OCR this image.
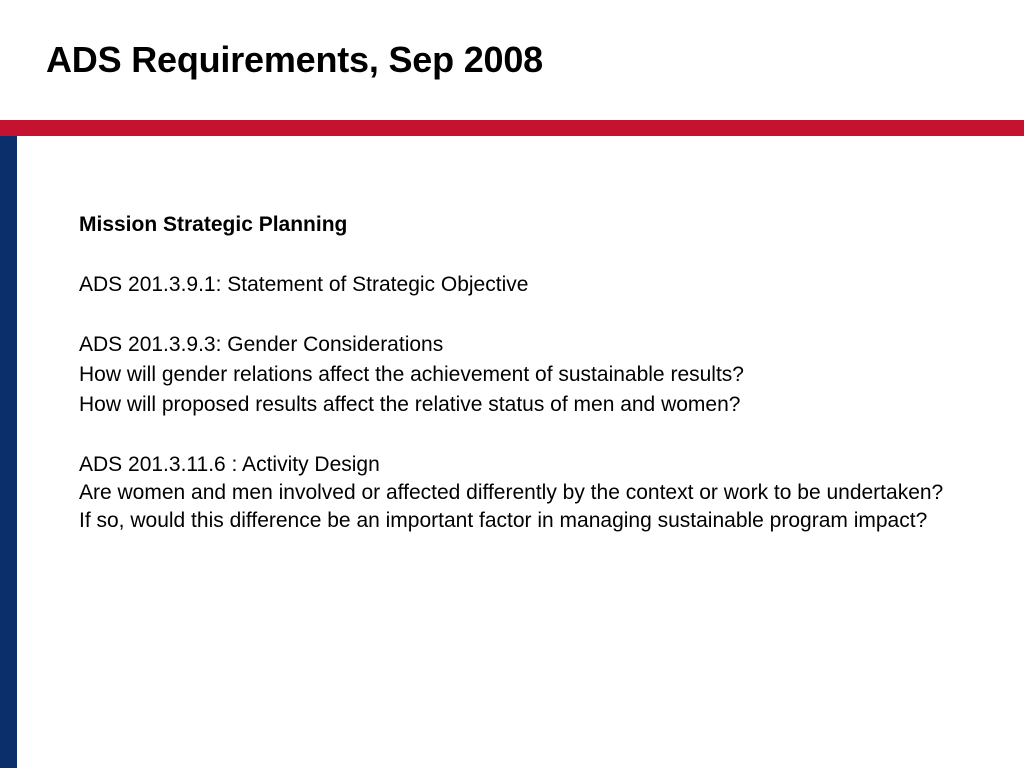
ADS Requirements, Sep 2008
Mission Strategic Planning
ADS 201.3.9.1: Statement of Strategic Objective
ADS 201.3.9.3: Gender Considerations
How will gender relations affect the achievement of sustainable results?
How will proposed results affect the relative status of men and women?
ADS 201.3.11.6 : Activity Design
Are women and men involved or affected differently by the context or work to be undertaken?
If so, would this difference be an important factor in managing sustainable program impact?
